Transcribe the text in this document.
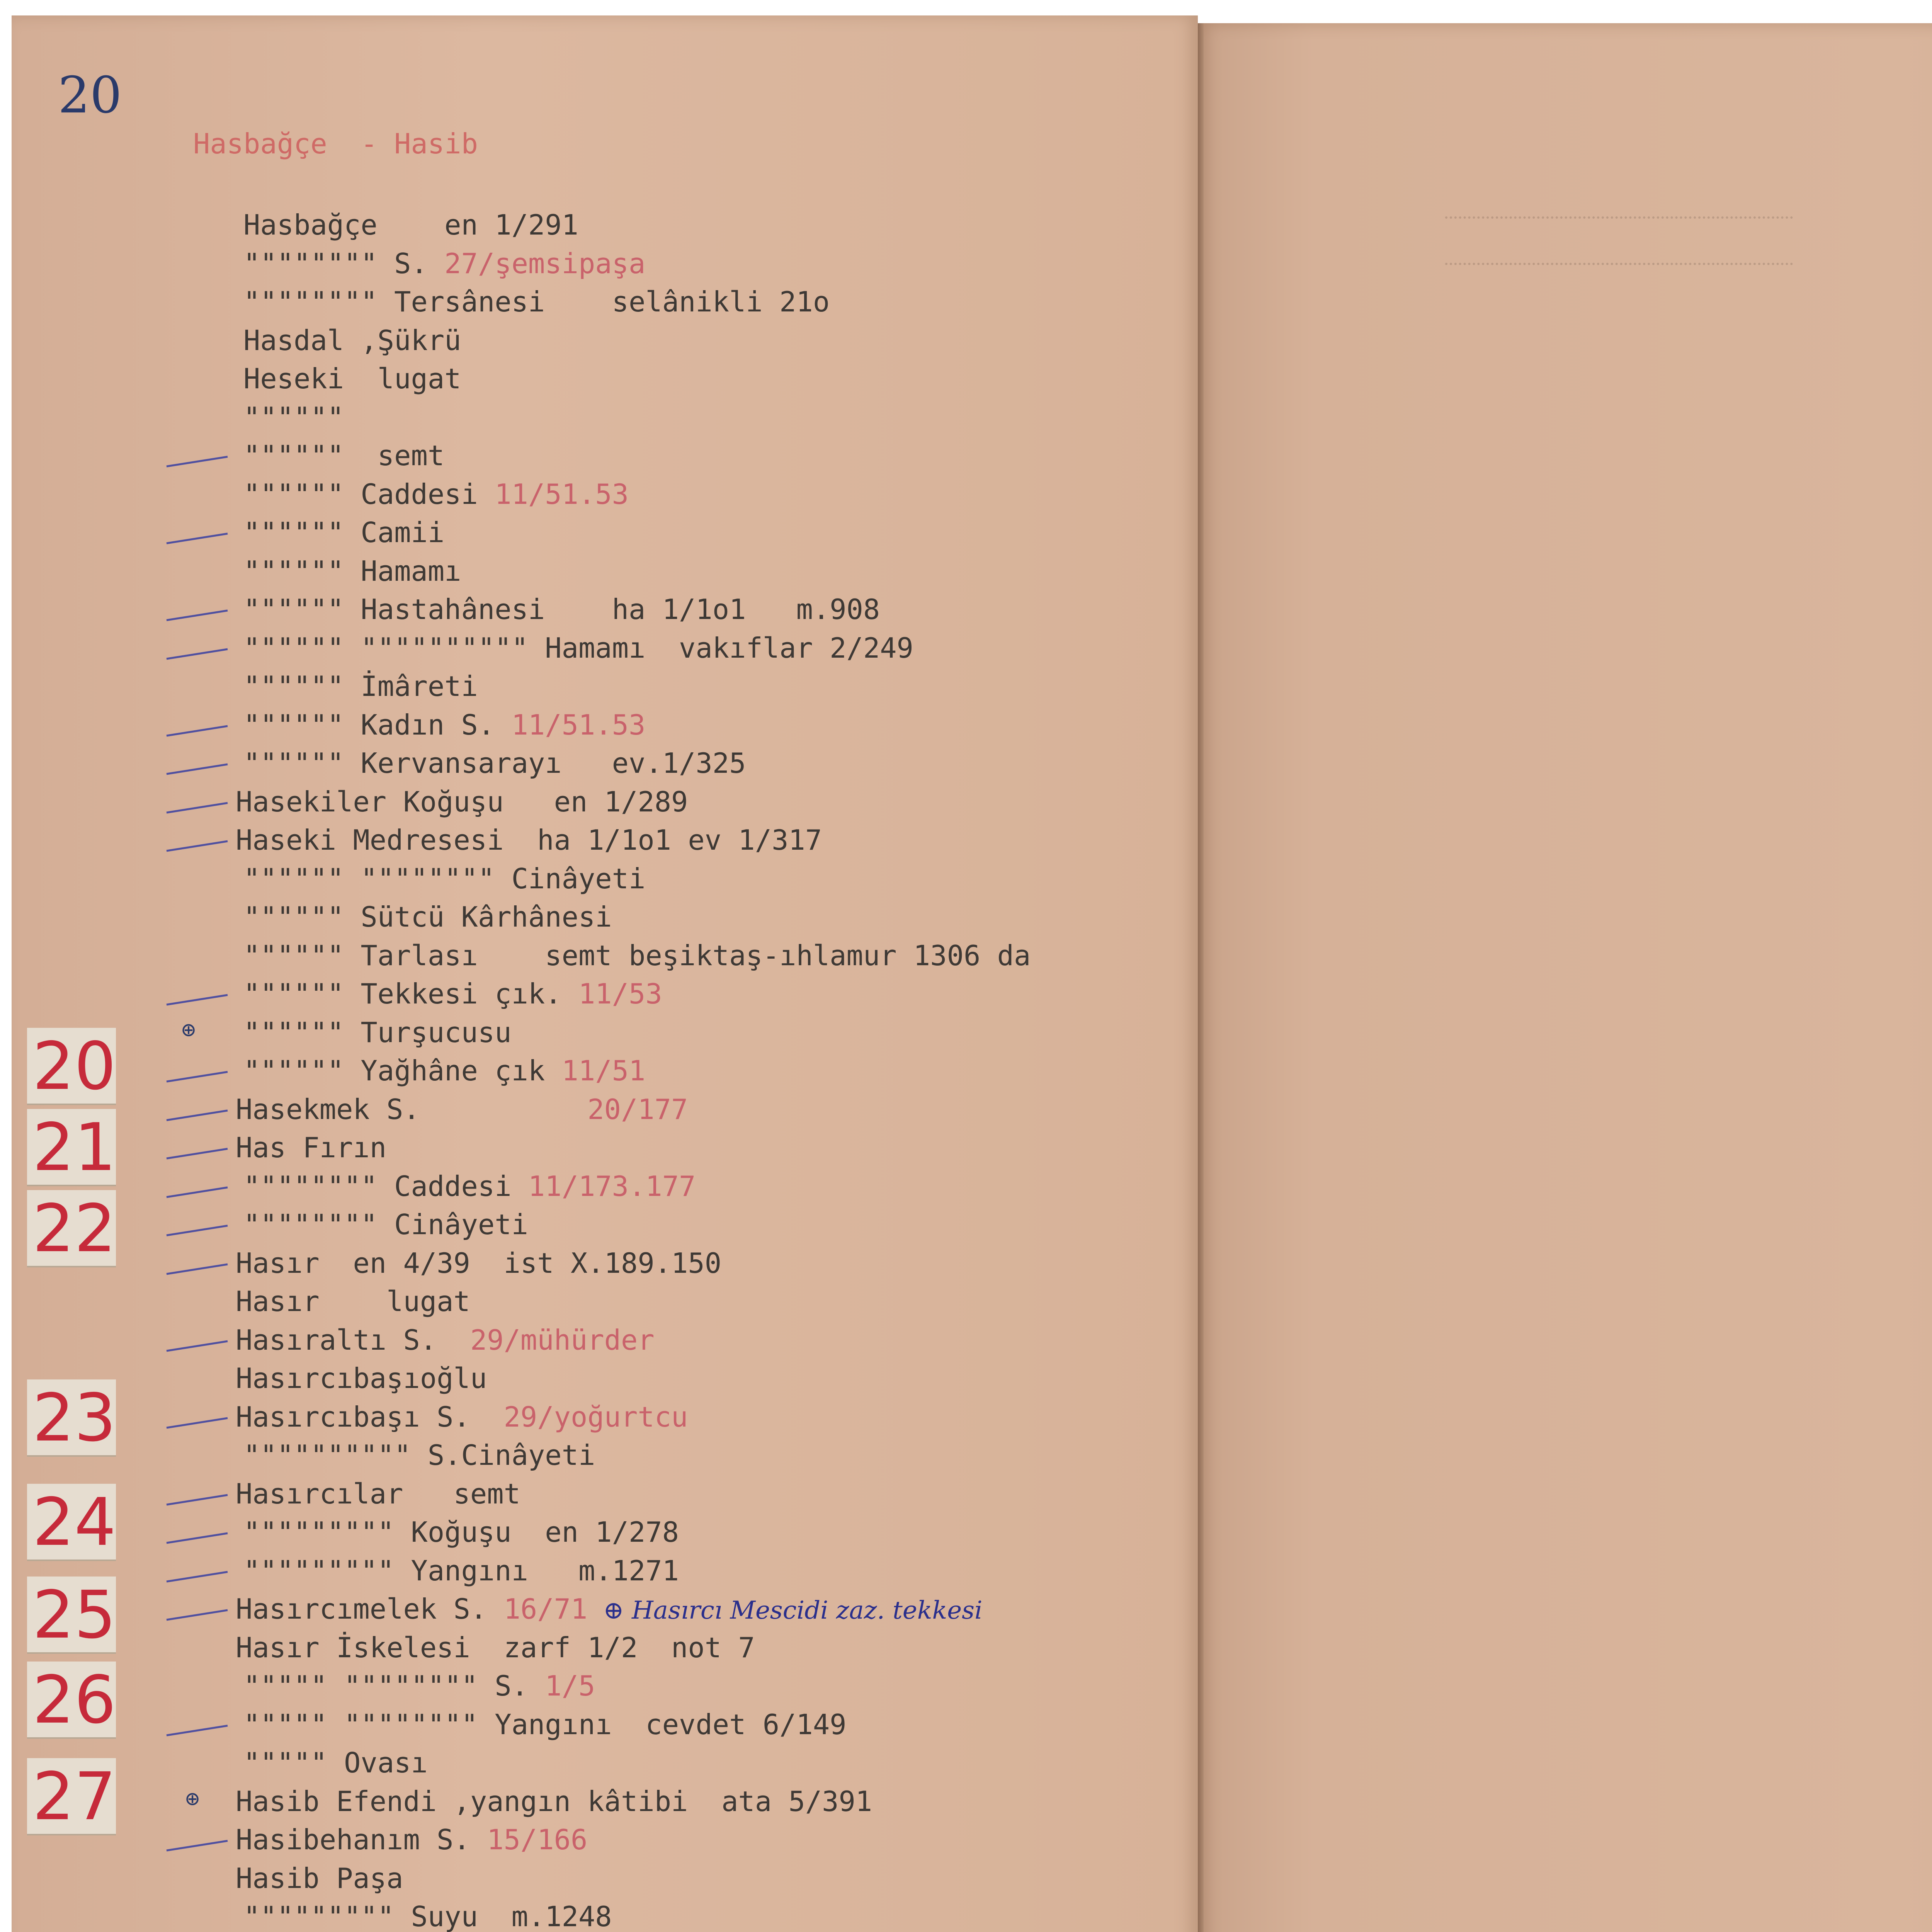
20
Hasbağçe  - Hasib
Hasbağçe    en 1/291
"""""""" S. 27/şemsipaşa
"""""""" Tersânesi    selânikli 21o
Hasdal ,Şükrü
Heseki  lugat
""""""
""""""  semt
"""""" Caddesi 11/51.53
"""""" Camii
"""""" Hamamı
"""""" Hastahânesi    ha 1/1o1   m.908
"""""" """""""""" Hamamı  vakıflar 2/249
"""""" İmâreti
"""""" Kadın S. 11/51.53
"""""" Kervansarayı   ev.1/325
Hasekiler Koğuşu   en 1/289
Haseki Medresesi  ha 1/1o1 ev 1/317
"""""" """""""" Cinâyeti
"""""" Sütcü Kârhânesi
"""""" Tarlası    semt beşiktaş-ıhlamur 1306 da
"""""" Tekkesi çık. 11/53
"""""" Turşucusu
"""""" Yağhâne çık 11/51
Hasekmek S.          20/177
Has Fırın
"""""""" Caddesi 11/173.177
"""""""" Cinâyeti
Hasır  en 4/39  ist X.189.150
Hasır    lugat
Hasıraltı S.  29/mühürder
Hasırcıbaşıoğlu
Hasırcıbaşı S.  29/yoğurtcu
"""""""""" S.Cinâyeti
Hasırcılar   semt
""""""""" Koğuşu  en 1/278
""""""""" Yangını   m.1271
Hasırcımelek S. 16/71  ⊕ Hasırcı Mescidi zaz. tekkesi
Hasır İskelesi  zarf 1/2  not 7
""""" """""""" S. 1/5
""""" """""""" Yangını  cevdet 6/149
""""" Ovası
Hasib Efendi ,yangın kâtibi  ata 5/391
Hasibehanım S. 15/166
Hasib Paşa
""""""""" Suyu  m.1248
⊕
⊕
20
21
22
23
24
25
26
27
